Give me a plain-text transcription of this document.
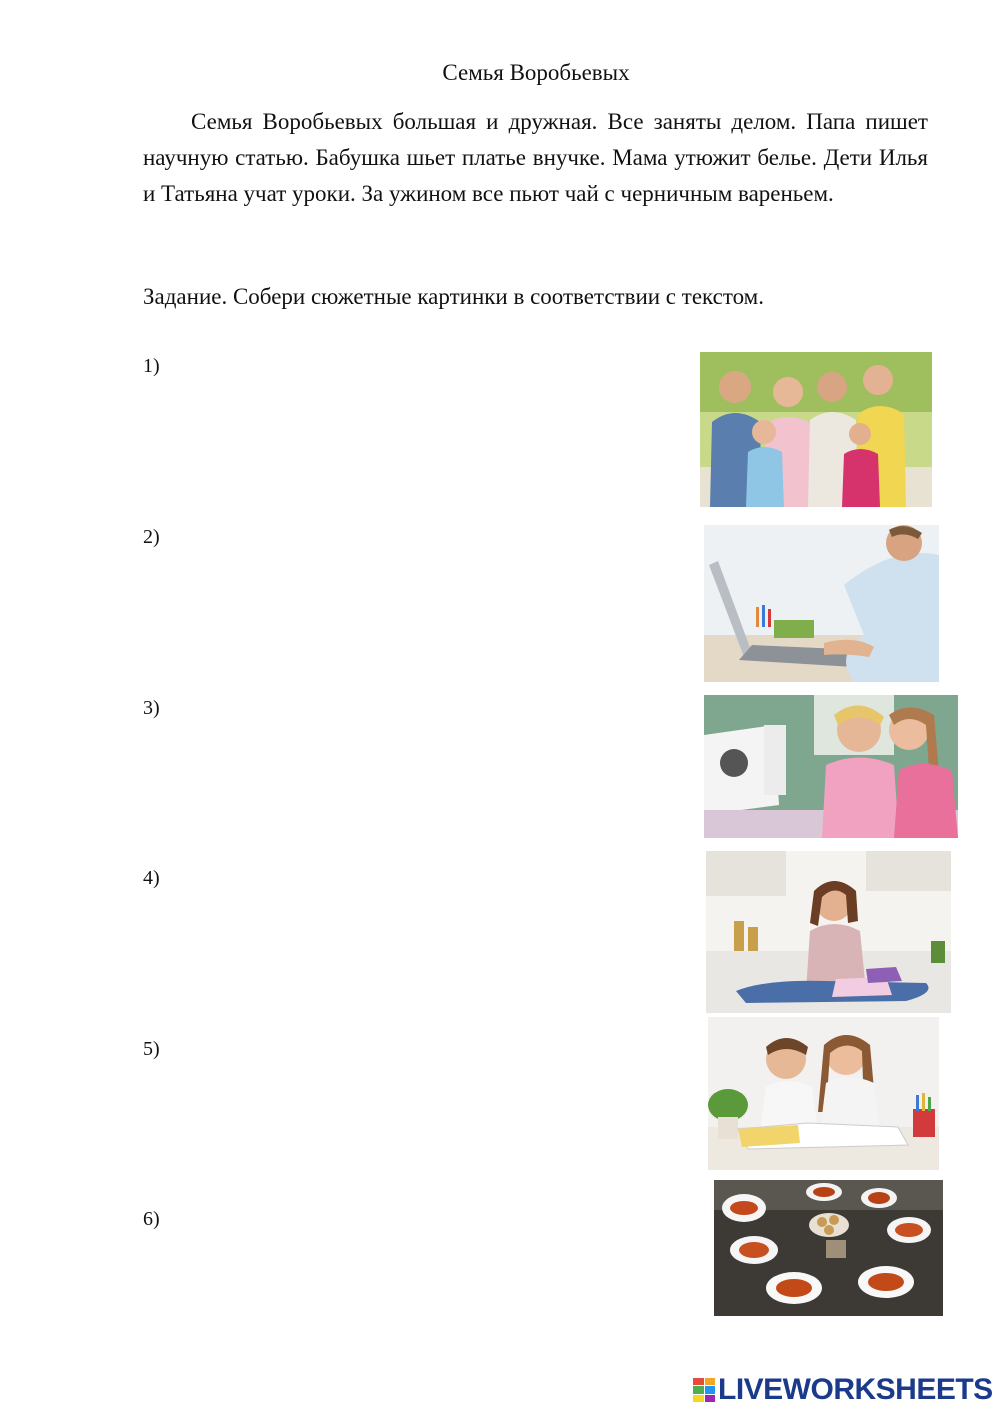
Семья Воробьевых

Семья Воробьевых большая и дружная. Все заняты делом. Папа пишет научную статью. Бабушка шьет платье внучке. Мама утюжит белье. Дети Илья и Татьяна учат уроки. За ужином все пьют чай с черничным вареньем.

Задание. Собери сюжетные картинки в соответствии с текстом.
1)
2)
3)
4)
5)
6)
LIVEWORKSHEETS
